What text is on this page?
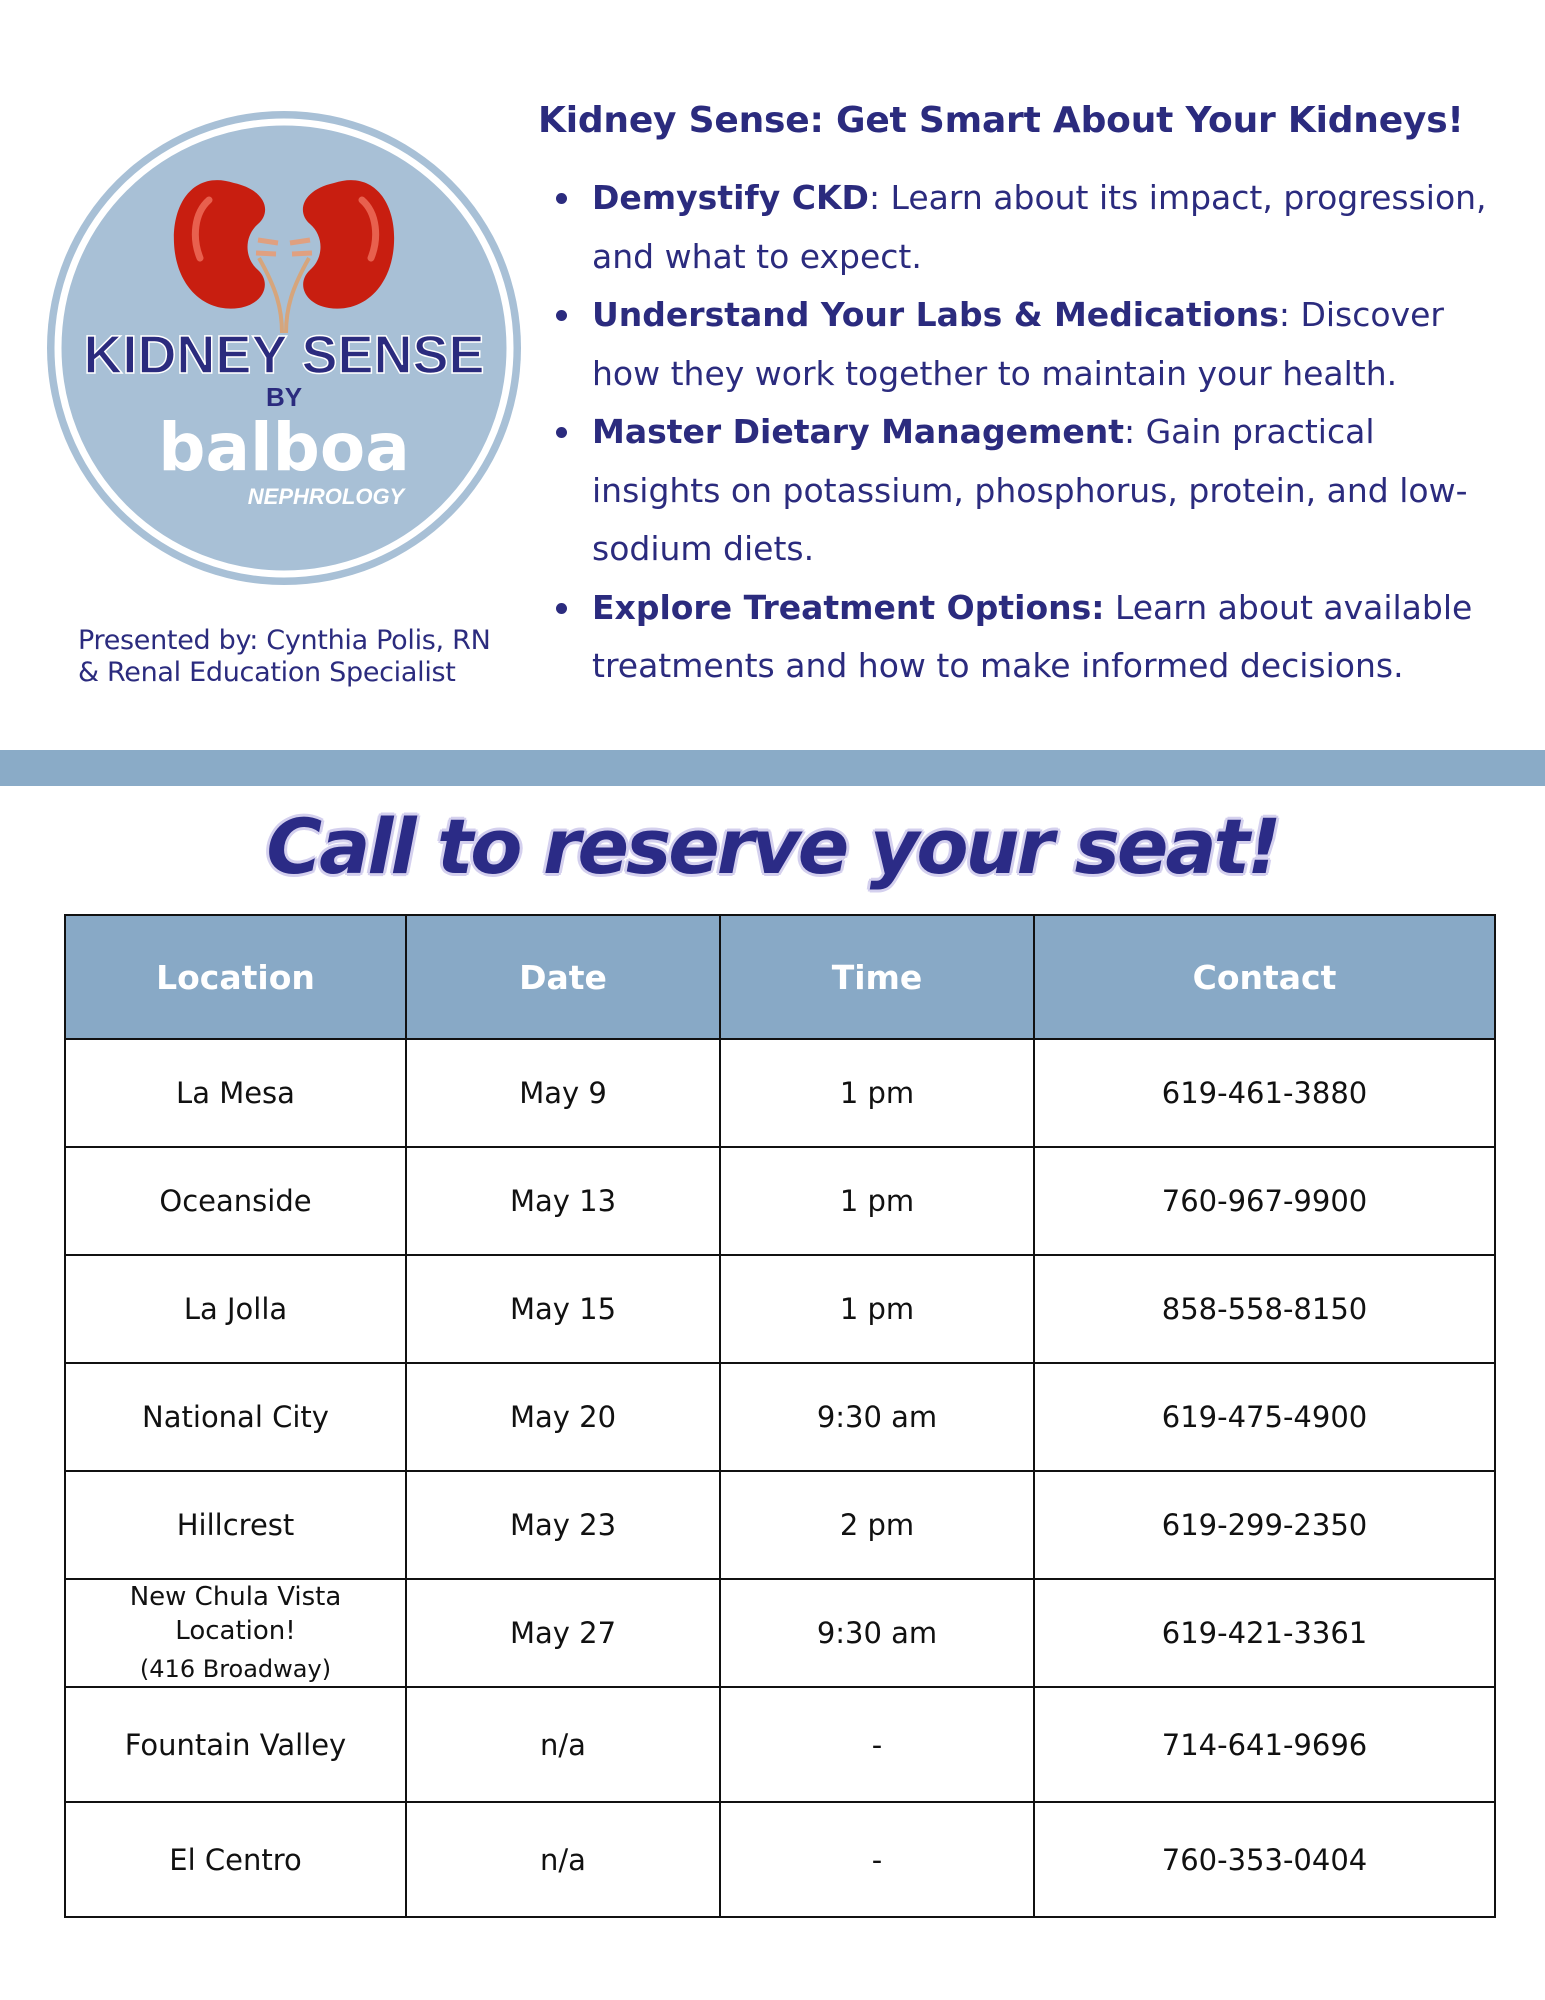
KIDNEY SENSE
BY
balboa
NEPHROLOGY
Presented by: Cynthia Polis, RN
& Renal Education Specialist
Kidney Sense: Get Smart About Your Kidneys!
Demystify CKD: Learn about its impact, progression, and what to expect.
Understand Your Labs & Medications: Discover how they work together to maintain your health.
Master Dietary Management: Gain practical insights on potassium, phosphorus, protein, and low-sodium diets.
Explore Treatment Options: Learn about available treatments and how to make informed decisions.
Call to reserve your seat!
Location	Date	Time	Contact
La Mesa	May 9	1 pm	619-461-3880
Oceanside	May 13	1 pm	760-967-9900
La Jolla	May 15	1 pm	858-558-8150
National City	May 20	9:30 am	619-475-4900
Hillcrest	May 23	2 pm	619-299-2350
New Chula Vista Location!
(416 Broadway)	May 27	9:30 am	619-421-3361
Fountain Valley	n/a	-	714-641-9696
El Centro	n/a	-	760-353-0404
